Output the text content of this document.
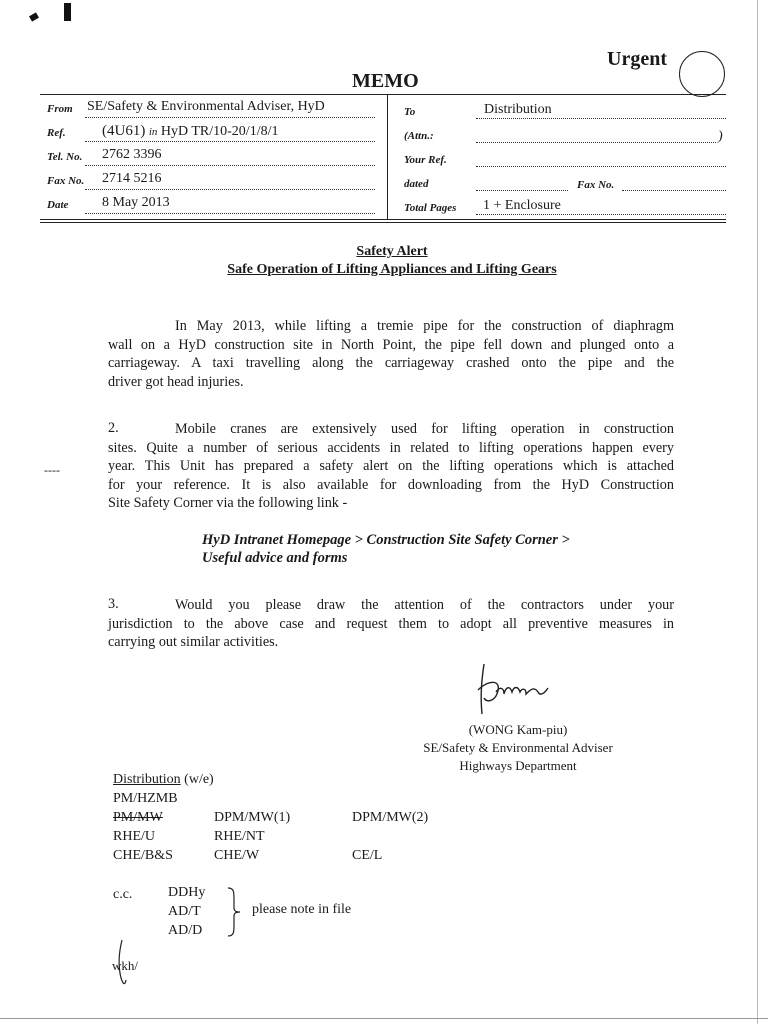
Urgent
MEMO
From SE/Safety & Environmental Adviser, HyD
Ref. (4U61) in HyD TR/10-20/1/8/1
Tel. No. 2762 3396
Fax No. 2714 5216
Date 8 May 2013
To	Distribution
(Attn.:	)
Your Ref.
dated	Fax No.
Total Pages 1 + Enclosure
Safety Alert
Safe Operation of Lifting Appliances and Lifting Gears
In May 2013, while lifting a tremie pipe for the construction of diaphragm
wall on a HyD construction site in North Point, the pipe fell down and plunged onto a
carriageway. A taxi travelling along the carriageway crashed onto the pipe and the
driver got head injuries.
----
2.	Mobile cranes are extensively used for lifting operation in construction
sites. Quite a number of serious accidents in related to lifting operations happen every
year. This Unit has prepared a safety alert on the lifting operations which is attached
for your reference. It is also available for downloading from the HyD Construction
Site Safety Corner via the following link -
HyD Intranet Homepage > Construction Site Safety Corner >
Useful advice and forms
3.	Would you please draw the attention of the contractors under your
jurisdiction to the above case and request them to adopt all preventive measures in
carrying out similar activities.
(WONG Kam-piu)
SE/Safety & Environmental Adviser
Highways Department
Distribution (w/e)
PM/HZMB
PM/MW	DPM/MW(1)	DPM/MW(2)
RHE/U	RHE/NT
CHE/B&S	CHE/W	CE/L
c.c.	DDHy
AD/T
AD/D
please note in file
wkh/
